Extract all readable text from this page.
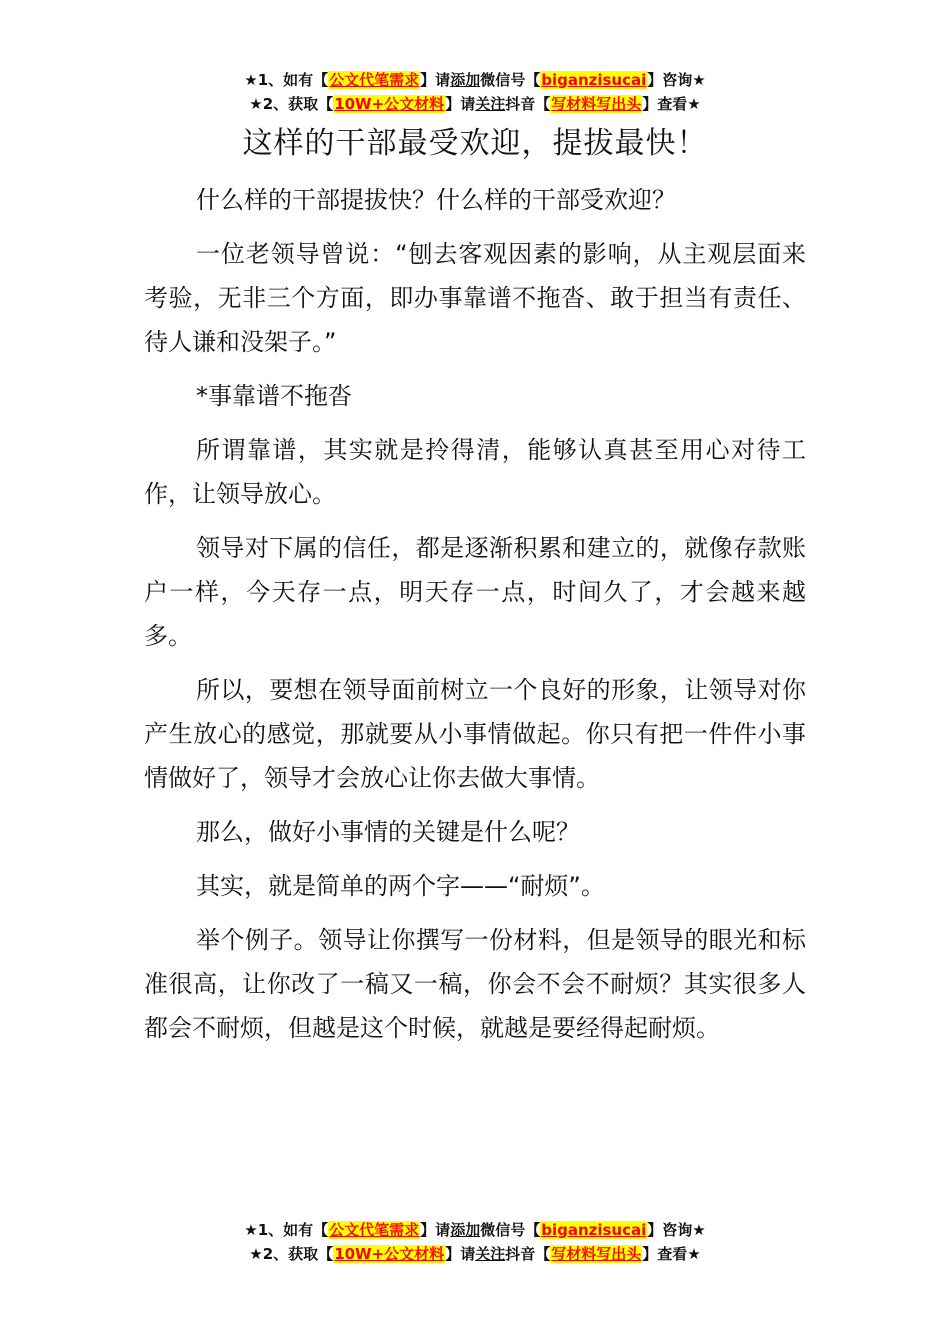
★1、如有【公文代笔需求】请添加微信号【biganzisucai】咨询★
★2、获取【10W+公文材料】请关注抖音【写材料写出头】查看★
这样的干部最受欢迎，提拔最快！

什么样的干部提拔快？什么样的干部受欢迎？

一位老领导曾说：“刨去客观因素的影响，从主观层面来考验，无非三个方面，即办事靠谱不拖沓、敢于担当有责任、待人谦和没架子。”

*事靠谱不拖沓

所谓靠谱，其实就是拎得清，能够认真甚至用心对待工作，让领导放心。

领导对下属的信任，都是逐渐积累和建立的，就像存款账户一样，今天存一点，明天存一点，时间久了，才会越来越多。

所以，要想在领导面前树立一个良好的形象，让领导对你产生放心的感觉，那就要从小事情做起。你只有把一件件小事情做好了，领导才会放心让你去做大事情。

那么，做好小事情的关键是什么呢？

其实，就是简单的两个字——“耐烦”。

举个例子。领导让你撰写一份材料，但是领导的眼光和标准很高，让你改了一稿又一稿，你会不会不耐烦？其实很多人都会不耐烦，但越是这个时候，就越是要经得起耐烦。

★1、如有【公文代笔需求】请添加微信号【biganzisucai】咨询★
★2、获取【10W+公文材料】请关注抖音【写材料写出头】查看★
